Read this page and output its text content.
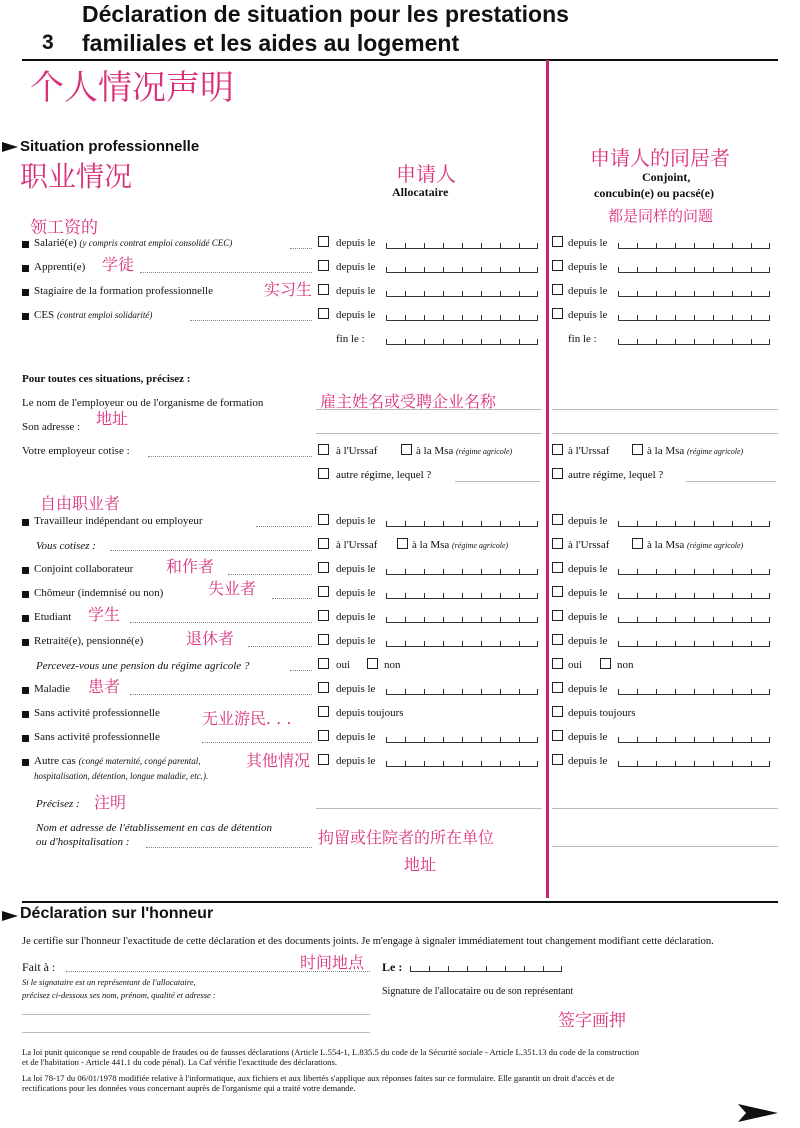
3
Déclaration de situation pour les prestations
familiales et les aides au logement
个人情况声明
Situation professionnelle
职业情况	申请人
Allocataire
申请人的同居者
Conjoint,
concubin(e) ou pacsé(e)
都是同样的问题
领工资的
Salarié(e) (y compris contrat emploi consolidé CEC)	depuis le	depuis le
Apprenti(e) 学徒	depuis le	depuis le
Stagiaire de la formation professionnelle	实习生 depuis le	depuis le
CES (contrat emploi solidarité)	depuis le	depuis le
fin le :	fin le :
Pour toutes ces situations, précisez :
Le nom de l'employeur ou de l'organisme de formation	雇主姓名或受聘企业名称
Son adresse : 地址
Votre employeur cotise :	à l'Urssaf	à la Msa (régime agricole)	à l'Urssaf	à la Msa (régime agricole)
autre régime, lequel ?	autre régime, lequel ?
自由职业者
Travailleur indépendant ou employeur	depuis le	depuis le
Vous cotisez :	à l'Urssaf	à la Msa (régime agricole)	à l'Urssaf	à la Msa (régime agricole)
Conjoint collaborateur 和作者	depuis le	depuis le
Chômeur (indemnisé ou non)	失业者	depuis le	depuis le
Etudiant 学生	depuis le	depuis le
Retraité(e), pensionné(e)	退休者	depuis le	depuis le
Percevez-vous une pension du régime agricole ?	oui	non	oui	non
Maladie 患者	depuis le	depuis le
Sans activité professionnelle	无业游民. . .	depuis toujours	depuis toujours
Sans activité professionnelle	depuis le	depuis le
Autre cas (congé maternité, congé parental,
hospitalisation, détention, longue maladie, etc.).
其他情况 depuis le	depuis le
Précisez : 注明
Nom et adresse de l'établissement en cas de détention
ou d'hospitalisation :	拘留或住院者的所在单位
地址
Déclaration sur l'honneur
Je certifie sur l'honneur l'exactitude de cette déclaration et des documents joints. Je m'engage à signaler immédiatement tout changement modifiant cette déclaration.
Fait à :	时间地点 Le :
Si le signataire est un représentant de l'allocataire,
précisez ci-dessous ses nom, prénom, qualité et adresse :	Signature de l'allocataire ou de son représentant
签字画押
La loi punit quiconque se rend coupable de fraudes ou de fausses déclarations (Article L.554-1, L.835.5 du code de la Sécurité sociale - Article L.351.13 du code de la construction
et de l'habitation - Article 441.1 du code pénal). La Caf vérifie l'exactitude des déclarations.
La loi 78-17 du 06/01/1978 modifiée relative à l'informatique, aux fichiers et aux libertés s'applique aux réponses faites sur ce formulaire. Elle garantit un droit d'accès et de
rectifications pour les données vous concernant auprès de l'organisme qui a traité votre demande.
